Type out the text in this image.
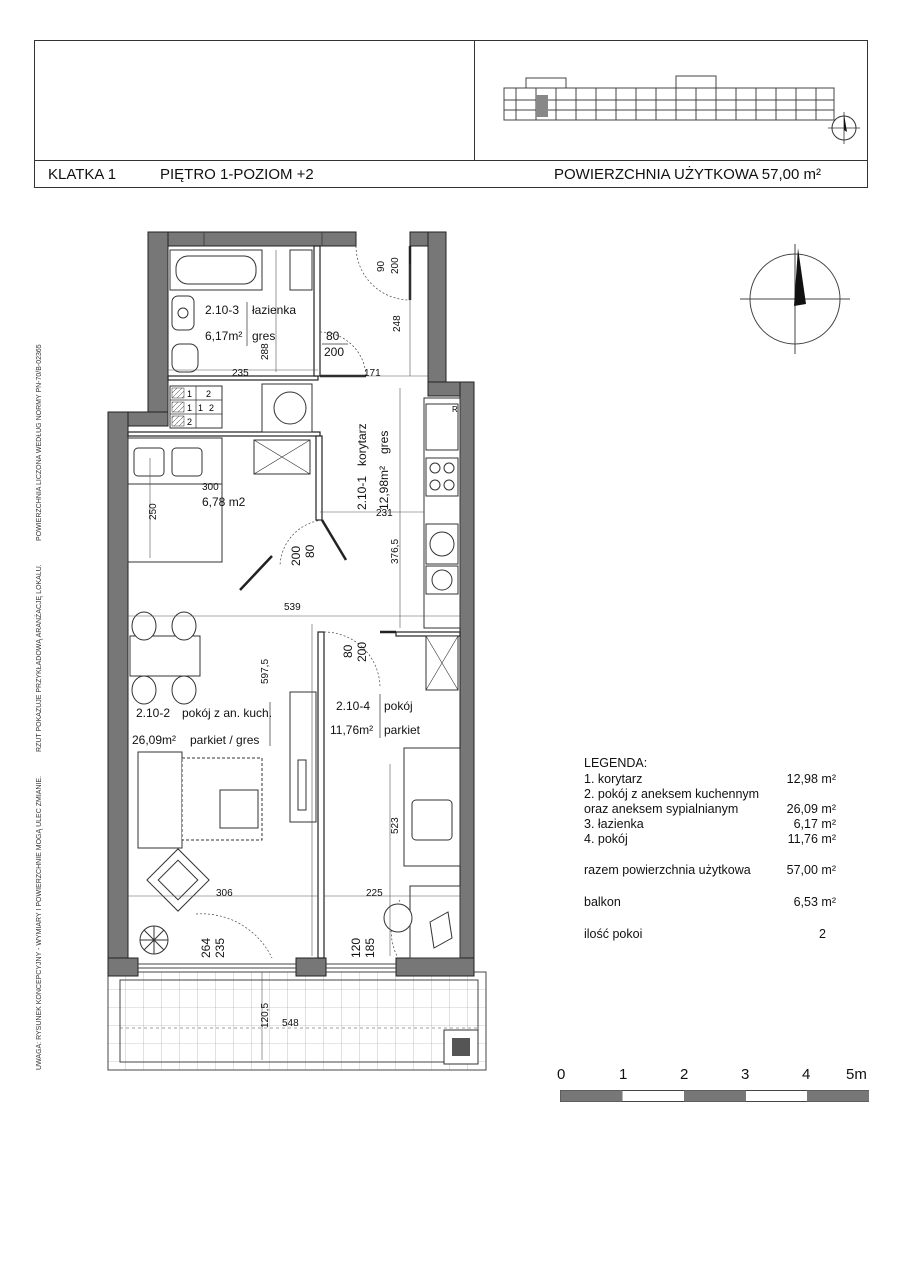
KLATKA 1	PIĘTRO 1-POZIOM +2	POWIERZCHNIA UŻYTKOWA 57,00 m²
UWAGA: RYSUNEK KONCEPCYJNY - WYMIARY I POWIERZCHNIE MOGĄ ULEC ZMIANIE.
RZUT POKAZUJE PRZYKŁADOWĄ ARANŻACJĘ LOKALU.
POWIERZCHNIA LICZONA WEDŁUG NORMY PN-70/B-02365	1 2
1 1 2
2
R
2.10-3 łazienka
6,17m² gres
300
6,78 m2
2.10-2 pokój z an. kuch.
26,09m² parkiet / gres
2.10-4 pokój
11,76m² parkiet
2.10-1
korytarz
12,98m²
gres
90 200
248
80
200
288
235	171
250	231
80
200	376,5
539
80 200
597,5
523
306	225
264 235	120 185
120,5 548
LEGENDA:
1. korytarz	12,98 m²
2. pokój z aneksem kuchennym
oraz aneksem sypialnianym	26,09 m²
3. łazienka	6,17 m²
4. pokój	11,76 m²
razem powierzchnia użytkowa	57,00 m²
balkon	6,53 m²
ilość pokoi	2
0	1	2	3	4 5m
